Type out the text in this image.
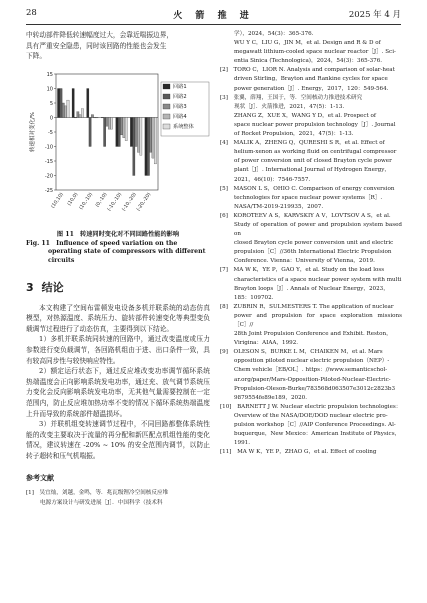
28	火 箭 推 进	2025 年 4 月
中转动部件降低转速幅度过大，会靠近喘振边界，
具有严重安全隐患，同时该回路的性能也会发生
下降。
-25
-20
-15
-10
-5
0
5
10
15
转速相对变化/%
(10,10) (10,0) (10,-10) (0,-10)
(-10,-10)
(-10,-20)
(-20,-20)
回路1
回路2
回路3
回路4
系统整体
图 11　转速同时变化对不同回路性能的影响
Fig. 11　Influence of speed variation on the operating state of compressors with different circuits
3 结论

本文构建了空间布雷顿发电设备多机并联系统的动态仿真模型，对热源温度、系统压力、旋转部件转速变化等典型变负载调节过程进行了动态仿真，主要得到以下结论。

1）多机并联系统同转速的回路中，通过改变温度或压力参数进行变负载调节，各回路机组由于进、出口条件一致，具有较高同步性与较快响应特性。

2）额定运行状态下，通过反应堆改变功率调节循环系统热端温度会正向影响系统发电功率，通过充、放气调节系统压力变化会反向影响系统发电功率，无其他气量需要控制在一定范围内，防止反应堆加热功率不变的情况下循环系统热端温度上升而导致的系统部件超温损坏。

3）并联机组变转速调节过程中，不同回路都整体系统性能的改变主要取决于流量的再分配和新匹配点机组性能的变化情况，建议转速在 -20% ~ 10% 的安全范围内调节，以防止转子超转和压气机喘振。

参考文献
[1]　吴宜灿，刘越，金鸣，等．兆瓦级锂冷空间核反应堆
电源方案设计与研发进展［J］．中国科学（技术科
学），2024，54(3)：365-376.
WU Y C，LIU G，JIN M，et al. Design and R & D of
megawatt lithium-cooled space nuclear reactor［J］. Sci-
entia Sinica (Technologica)，2024，54(3)：365-376.
[2]　TORO C，LIOR N. Analysis and comparison of solar-heat
driven Stirling，Brayton and Rankine cycles for space
power generation［J］. Energy，2017，120：549-564.
[3]　张翼，薛翔，王国于，等．空间核动力推进技术研究
现状［J］．火箭推进，2021，47(5)：1-13.
ZHANG Z，XUE X，WANG Y D，et al. Prospect of
space nuclear power propulsion technology［J］. Journal
of Rocket Propulsion，2021，47(5)：1-13.
[4]　MALIK A，ZHENG Q，QURESHI S R，et al. Effect of
helium-xenon as working fluid on centrifugal compressor
of power conversion unit of closed Brayton cycle power
plant［J］. International Journal of Hydrogen Energy，
2021，46(10)：7546-7557.
[5]　MASON L S，OHIO C. Comparison of energy conversion
technologies for space nuclear power systems［R］.
NASA/TM-2019-219935，2007.
[6]　KOROTEEV A S，KARVSKIY A V，LOVTSOV A S，et al.
Study of operation of power and propulsion system based on
closed Brayton cycle power conversion unit and electric
propulsion［C］//36th International Electric Propulsion
Conference. Vienna：University of Vienna，2019.
[7]　MA W K，YE P，GAO Y，et al. Study on the load loss
characteristics of a space nuclear power system with multi
Brayton loops［J］. Annals of Nuclear Energy，2023，
185：109702.
[8]　ZUBRIN R，SULMESTERS T. The application of nuclear
power and propulsion for space exploration missions［C］//
28th Joint Propulsion Conference and Exhibit. Reston，
Virigina：AIAA，1992.
[9]　OLESON S，BURKE L M，CHAIKEN M，et al. Mars
opposition piloted nuclear electric propulsion（NEP）-
Chem vehicle［EB/OL］. https：//www.semanticschol-
ar.org/paper/Mars-Opposition-Piloted-Nuclear-Electric-
Propulsion-Oleson-Burke/783568d063507e3012c2823b3
9879554fe89e189，2020.
[10]　BARNETT J W. Nuclear electric propulsion technologies：
Overview of the NASA/DOE/DOD nuclear electric pro-
pulsion workshop［C］//AIP Conference Proceedings. Al-
buquerque，New Mexico：American Institute of Physics，
1991.
[11]　MA W K，YE P，ZHAO G，et al. Effect of cooling
